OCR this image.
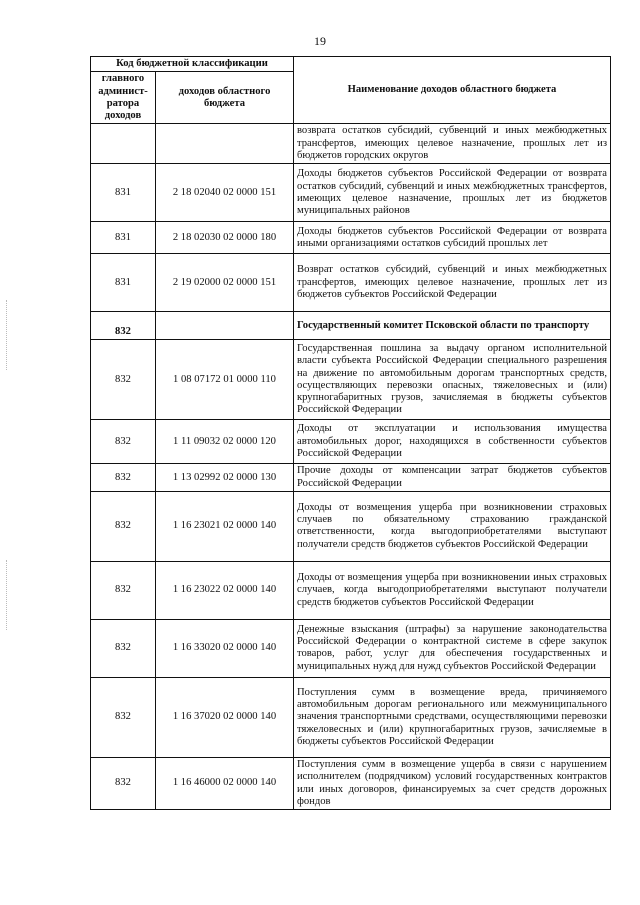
19
Код бюджетной классификации		Наименование доходов областного бюджета
главного админист-ратора доходов	доходов областного бюджета	
		возврата остатков субсидий, субвенций и иных межбюджетных трансфертов, имеющих целевое назначение, прошлых лет из бюджетов городских округов
831	2 18 02040 02 0000 151	Доходы бюджетов субъектов Российской Федерации от возврата остатков субсидий, субвенций и иных межбюджетных трансфертов, имеющих целевое назначение, прошлых лет из бюджетов муниципальных районов
831	2 18 02030 02 0000 180	Доходы бюджетов субъектов Российской Федерации от возврата иными организациями остатков субсидий прошлых лет
831	2 19 02000 02 0000 151	Возврат остатков субсидий, субвенций и иных межбюджетных трансфертов, имеющих целевое назначение, прошлых лет из бюджетов субъектов Российской Федерации
832		Государственный комитет Псковской области по транспорту
832	1 08 07172 01 0000 110	Государственная пошлина за выдачу органом исполнительной власти субъекта Российской Федерации специального разрешения на движение по автомобильным дорогам транспортных средств, осуществляющих перевозки опасных, тяжеловесных и (или) крупногабаритных грузов, зачисляемая в бюджеты субъектов Российской Федерации
832	1 11 09032 02 0000 120	Доходы от эксплуатации и использования имущества автомобильных дорог, находящихся в собственности субъектов Российской Федерации
832	1 13 02992 02 0000 130	Прочие доходы от компенсации затрат бюджетов субъектов Российской Федерации
832	1 16 23021 02 0000 140	Доходы от возмещения ущерба при возникновении страховых случаев по обязательному страхованию гражданской ответственности, когда выгодоприобретателями выступают получатели средств бюджетов субъектов Российской Федерации
832	1 16 23022 02 0000 140	Доходы от возмещения ущерба при возникновении иных страховых случаев, когда выгодоприобретателями выступают получатели средств бюджетов субъектов Российской Федерации
832	1 16 33020 02 0000 140	Денежные взыскания (штрафы) за нарушение законодательства Российской Федерации о контрактной системе в сфере закупок товаров, работ, услуг для обеспечения государственных и муниципальных нужд для нужд субъектов Российской Федерации
832	1 16 37020 02 0000 140	Поступления сумм в возмещение вреда, причиняемого автомобильным дорогам регионального или межмуниципального значения транспортными средствами, осуществляющими перевозки тяжеловесных и (или) крупногабаритных грузов, зачисляемые в бюджеты субъектов Российской Федерации
832	1 16 46000 02 0000 140	Поступления сумм в возмещение ущерба в связи с нарушением исполнителем (подрядчиком) условий государственных контрактов или иных договоров, финансируемых за счет средств дорожных фондов
